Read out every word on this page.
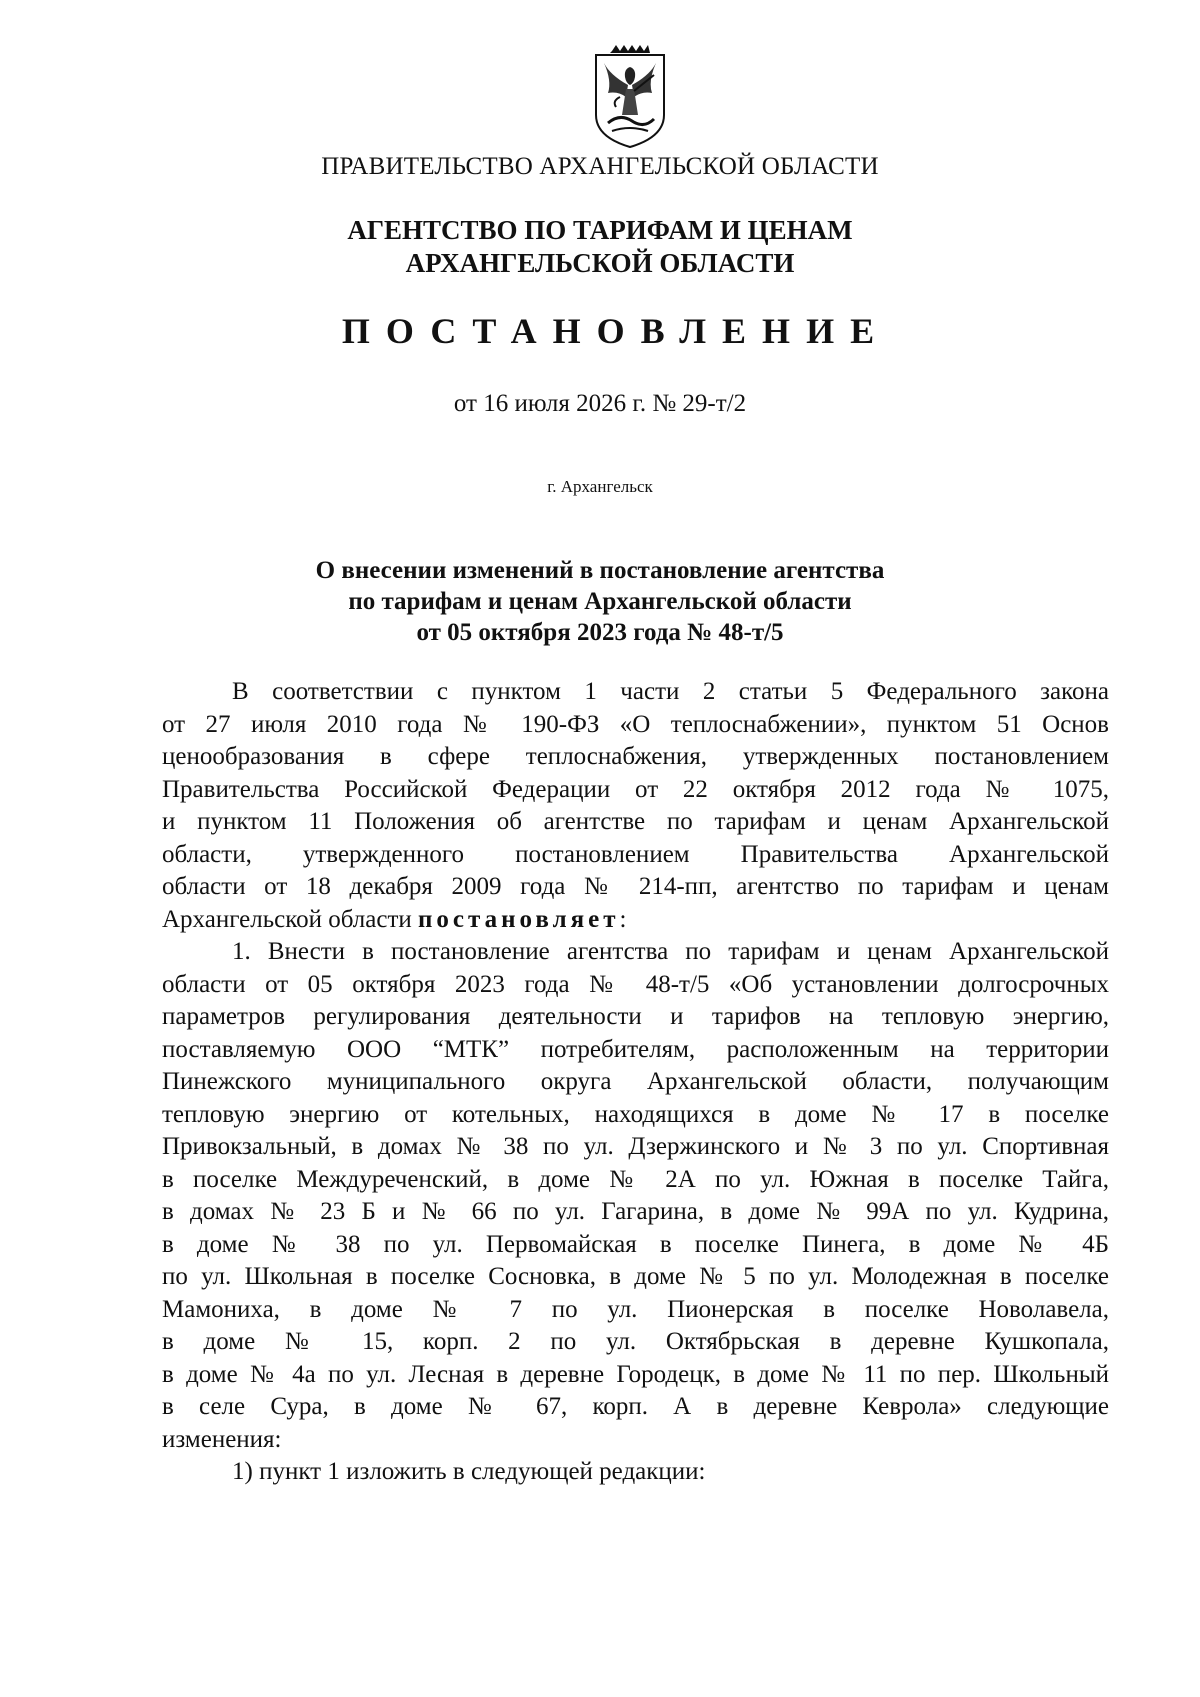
ПРАВИТЕЛЬСТВО АРХАНГЕЛЬСКОЙ ОБЛАСТИ
АГЕНТСТВО ПО ТАРИФАМ И ЦЕНАМ
АРХАНГЕЛЬСКОЙ ОБЛАСТИ
ПОСТАНОВЛЕНИЕ
от 16 июля 2026 г. № 29-т/2
г. Архангельск
О внесении изменений в постановление агентства
по тарифам и ценам Архангельской области
от 05 октября 2023 года № 48-т/5
В соответствии с пунктом 1 части 2 статьи 5 Федерального закона
от 27 июля 2010 года № 190-ФЗ «О теплоснабжении», пунктом 51 Основ
ценообразования в сфере теплоснабжения, утвержденных постановлением
Правительства Российской Федерации от 22 октября 2012 года № 1075,
и пунктом 11 Положения об агентстве по тарифам и ценам Архангельской
области, утвержденного постановлением Правительства Архангельской
области от 18 декабря 2009 года № 214-пп, агентство по тарифам и ценам
Архангельской области постановляет:
1. Внести в постановление агентства по тарифам и ценам Архангельской
области от 05 октября 2023 года № 48-т/5 «Об установлении долгосрочных
параметров регулирования деятельности и тарифов на тепловую энергию,
поставляемую ООО “МТК” потребителям, расположенным на территории
Пинежского муниципального округа Архангельской области, получающим
тепловую энергию от котельных, находящихся в доме № 17 в поселке
Привокзальный, в домах № 38 по ул. Дзержинского и № 3 по ул. Спортивная
в поселке Междуреченский, в доме № 2А по ул. Южная в поселке Тайга,
в домах № 23 Б и № 66 по ул. Гагарина, в доме № 99А по ул. Кудрина,
в доме № 38 по ул. Первомайская в поселке Пинега, в доме № 4Б
по ул. Школьная в поселке Сосновка, в доме № 5 по ул. Молодежная в поселке
Мамониха, в доме № 7 по ул. Пионерская в поселке Новолавела,
в доме № 15, корп. 2 по ул. Октябрьская в деревне Кушкопала,
в доме № 4а по ул. Лесная в деревне Городецк, в доме № 11 по пер. Школьный
в селе Сура, в доме № 67, корп. А в деревне Кеврола» следующие
изменения:
1) пункт 1 изложить в следующей редакции:
